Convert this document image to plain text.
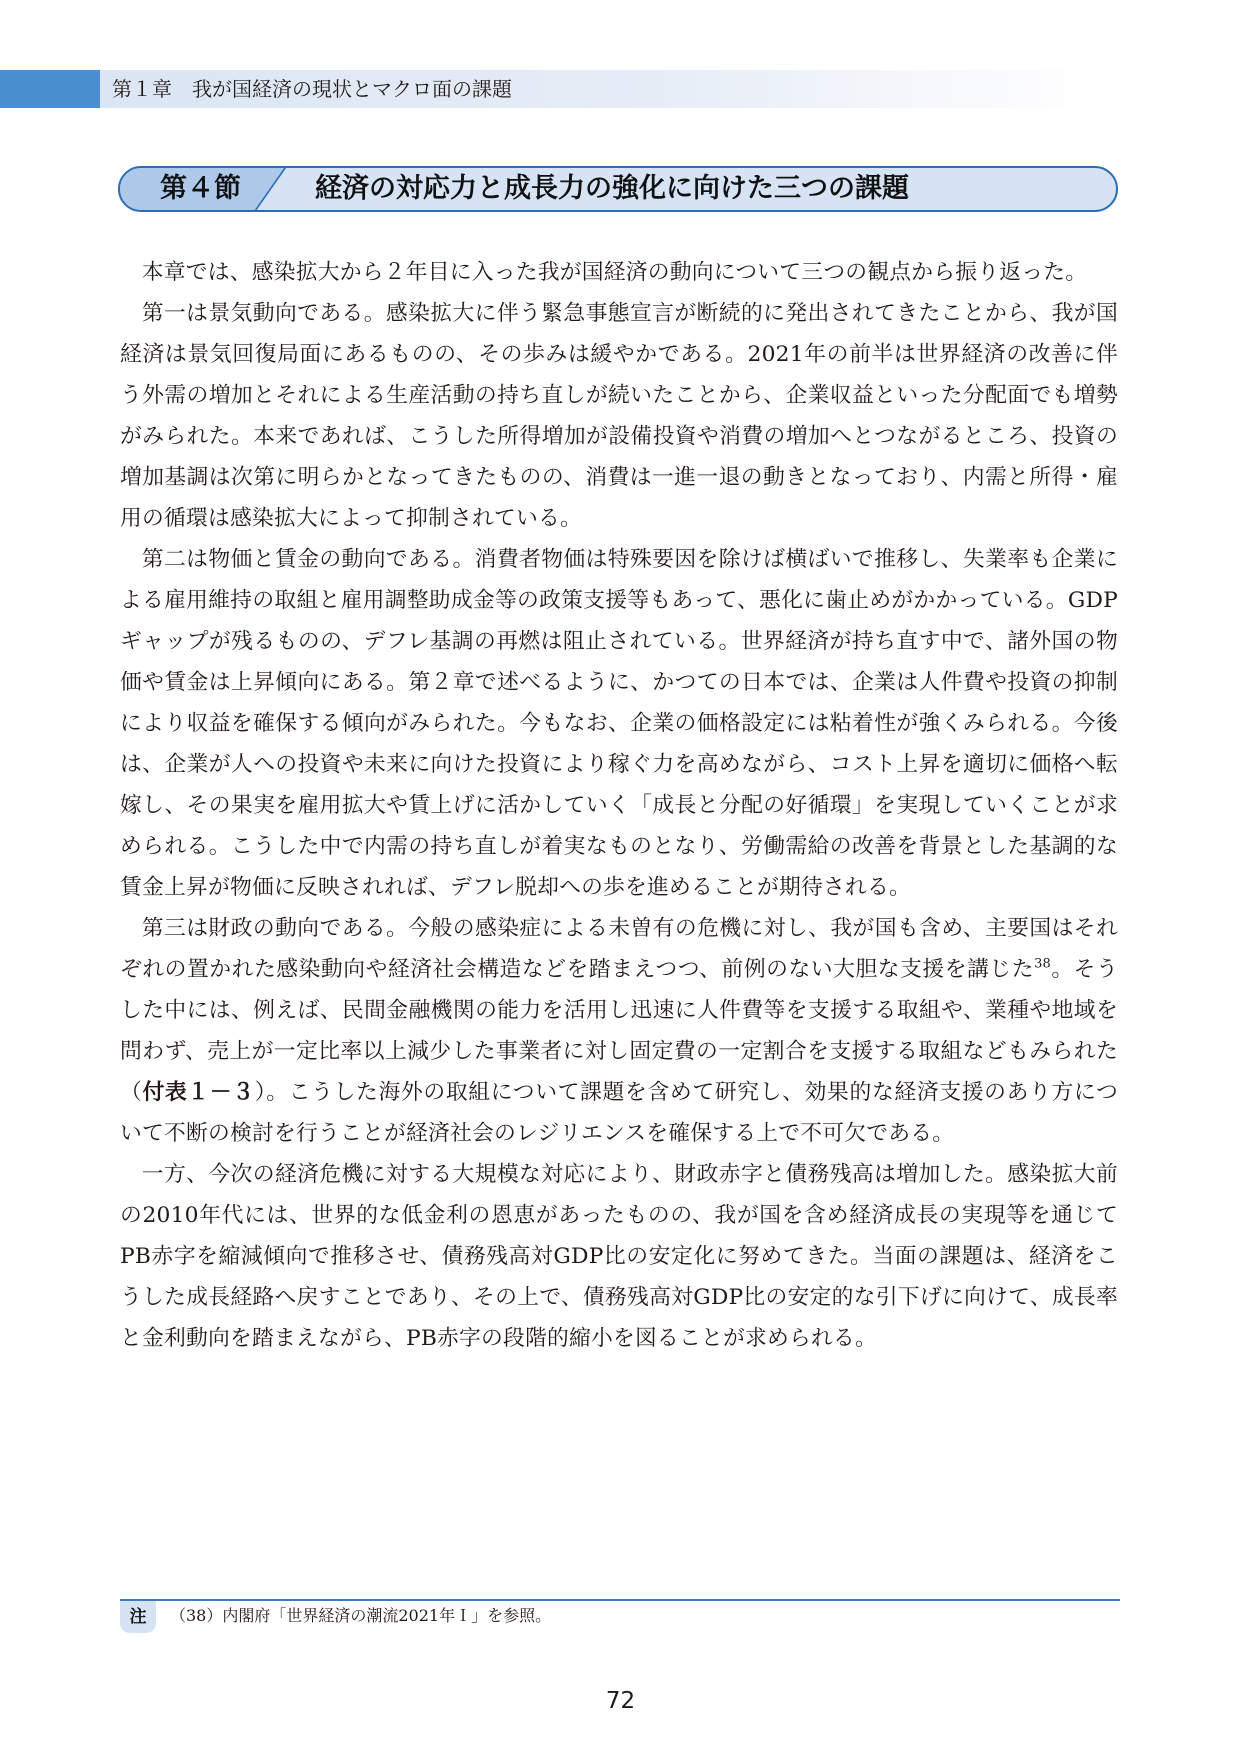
第１章　我が国経済の現状とマクロ面の課題
第４節	経済の対応力と成長力の強化に向けた三つの課題

本章では、感染拡大から２年目に入った我が国経済の動向について三つの観点から振り返った。

第一は景気動向である。感染拡大に伴う緊急事態宣言が断続的に発出されてきたことから、我が国経済は景気回復局面にあるものの、その歩みは緩やかである。2021年の前半は世界経済の改善に伴う外需の増加とそれによる生産活動の持ち直しが続いたことから、企業収益といった分配面でも増勢がみられた。本来であれば、こうした所得増加が設備投資や消費の増加へとつながるところ、投資の増加基調は次第に明らかとなってきたものの、消費は一進一退の動きとなっており、内需と所得・雇用の循環は感染拡大によって抑制されている。

第二は物価と賃金の動向である。消費者物価は特殊要因を除けば横ばいで推移し、失業率も企業による雇用維持の取組と雇用調整助成金等の政策支援等もあって、悪化に歯止めがかかっている。GDPギャップが残るものの、デフレ基調の再燃は阻止されている。世界経済が持ち直す中で、諸外国の物価や賃金は上昇傾向にある。第２章で述べるように、かつての日本では、企業は人件費や投資の抑制により収益を確保する傾向がみられた。今もなお、企業の価格設定には粘着性が強くみられる。今後は、企業が人への投資や未来に向けた投資により稼ぐ力を高めながら、コスト上昇を適切に価格へ転嫁し、その果実を雇用拡大や賃上げに活かしていく「成長と分配の好循環」を実現していくことが求められる。こうした中で内需の持ち直しが着実なものとなり、労働需給の改善を背景とした基調的な賃金上昇が物価に反映されれば、デフレ脱却への歩を進めることが期待される。

第三は財政の動向である。今般の感染症による未曽有の危機に対し、我が国も含め、主要国はそれぞれの置かれた感染動向や経済社会構造などを踏まえつつ、前例のない大胆な支援を講じた$^{38}$。そうした中には、例えば、民間金融機関の能力を活用し迅速に人件費等を支援する取組や、業種や地域を問わず、売上が一定比率以上減少した事業者に対し固定費の一定割合を支援する取組などもみられた（付表１－３）。こうした海外の取組について課題を含めて研究し、効果的な経済支援のあり方について不断の検討を行うことが経済社会のレジリエンスを確保する上で不可欠である。

一方、今次の経済危機に対する大規模な対応により、財政赤字と債務残高は増加した。感染拡大前の2010年代には、世界的な低金利の恩恵があったものの、我が国を含め経済成長の実現等を通じてPB赤字を縮減傾向で推移させ、債務残高対GDP比の安定化に努めてきた。当面の課題は、経済をこうした成長経路へ戻すことであり、その上で、債務残高対GDP比の安定的な引下げに向けて、成長率と金利動向を踏まえながら、PB赤字の段階的縮小を図ることが求められる。

注	（38）内閣府「世界経済の潮流2021年Ｉ」を参照。
72
